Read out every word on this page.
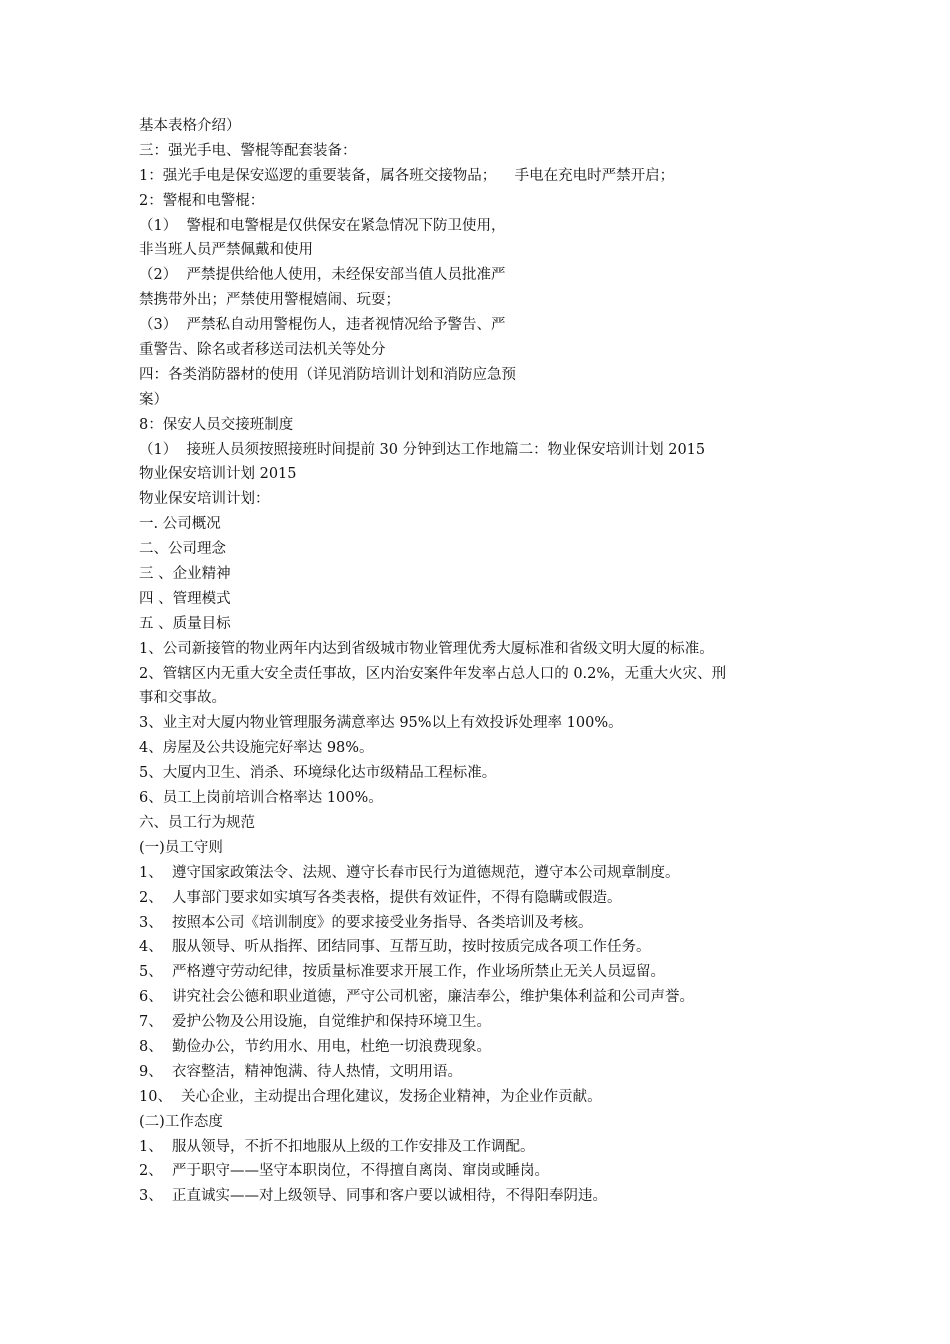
基本表格介绍）
三：强光手电、警棍等配套装备：
1：强光手电是保安巡逻的重要装备，属各班交接物品；    手电在充电时严禁开启；
2：警棍和电警棍：
（1）  警棍和电警棍是仅供保安在紧急情况下防卫使用，
非当班人员严禁佩戴和使用
（2）  严禁提供给他人使用，未经保安部当值人员批准严
禁携带外出；严禁使用警棍嬉闹、玩耍；
（3）  严禁私自动用警棍伤人，违者视情况给予警告、严
重警告、除名或者移送司法机关等处分
四：各类消防器材的使用（详见消防培训计划和消防应急预
案）
8：保安人员交接班制度
（1）  接班人员须按照接班时间提前 30 分钟到达工作地篇二：物业保安培训计划 2015
物业保安培训计划 2015
物业保安培训计划：
一. 公司概况
二、公司理念
三 、企业精神
四 、管理模式
五 、质量目标
1、公司新接管的物业两年内达到省级城市物业管理优秀大厦标准和省级文明大厦的标准。
2、管辖区内无重大安全责任事故，区内治安案件年发率占总人口的 0.2%，无重大火灾、刑
事和交事故。
3、业主对大厦内物业管理服务满意率达 95%以上有效投诉处理率 100%。
4、房屋及公共设施完好率达 98%。
5、大厦内卫生、消杀、环境绿化达市级精品工程标准。
6、员工上岗前培训合格率达 100%。
六、员工行为规范
(一)员工守则
1、  遵守国家政策法令、法规、遵守长春市民行为道德规范，遵守本公司规章制度。
2、  人事部门要求如实填写各类表格，提供有效证件，不得有隐瞒或假造。
3、  按照本公司《培训制度》的要求接受业务指导、各类培训及考核。
4、  服从领导、听从指挥、团结同事、互帮互助，按时按质完成各项工作任务。
5、  严格遵守劳动纪律，按质量标准要求开展工作，作业场所禁止无关人员逗留。
6、  讲究社会公德和职业道德，严守公司机密，廉洁奉公，维护集体利益和公司声誉。
7、  爱护公物及公用设施，自觉维护和保持环境卫生。
8、  勤俭办公，节约用水、用电，杜绝一切浪费现象。
9、  衣容整洁，精神饱满、待人热情，文明用语。
10、  关心企业，主动提出合理化建议，发扬企业精神，为企业作贡献。
(二)工作态度
1、  服从领导，不折不扣地服从上级的工作安排及工作调配。
2、  严于职守——坚守本职岗位，不得擅自离岗、窜岗或睡岗。
3、  正直诚实——对上级领导、同事和客户要以诚相待，不得阳奉阴违。
